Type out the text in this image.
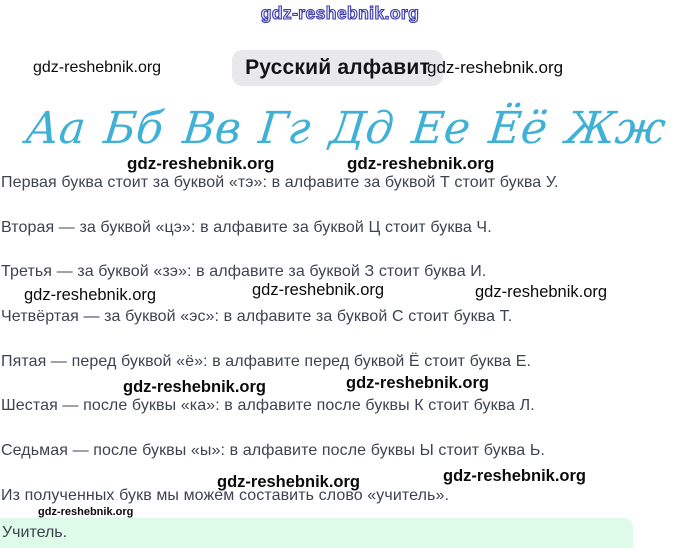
gdz-reshebnik.org
gdz-reshebnik.org	Русский алфавит
gdz-reshebnik.org
Аа Бб Вв Гг Дд Ее Ёё Жж
gdz-reshebnik.org	gdz-reshebnik.org

Первая буква стоит за буквой «тэ»: в алфавите за буквой Т стоит буква У.

Вторая — за буквой «цэ»: в алфавите за буквой Ц стоит буква Ч.

Третья — за буквой «зэ»: в алфавите за буквой З стоит буква И.

Четвёртая — за буквой «эс»: в алфавите за буквой С стоит буква Т.

Пятая — перед буквой «ё»: в алфавите перед буквой Ё стоит буква Е.

Шестая — после буквы «ка»: в алфавите после буквы К стоит буква Л.

Седьмая — после буквы «ы»: в алфавите после буквы Ы стоит буква Ь.

Из полученных букв мы можем составить слово «учитель».

gdz-reshebnik.org	gdz-reshebnik.org	gdz-reshebnik.org
gdz-reshebnik.org	gdz-reshebnik.org
gdz-reshebnik.org	gdz-reshebnik.org
gdz-reshebnik.org
Учитель.
